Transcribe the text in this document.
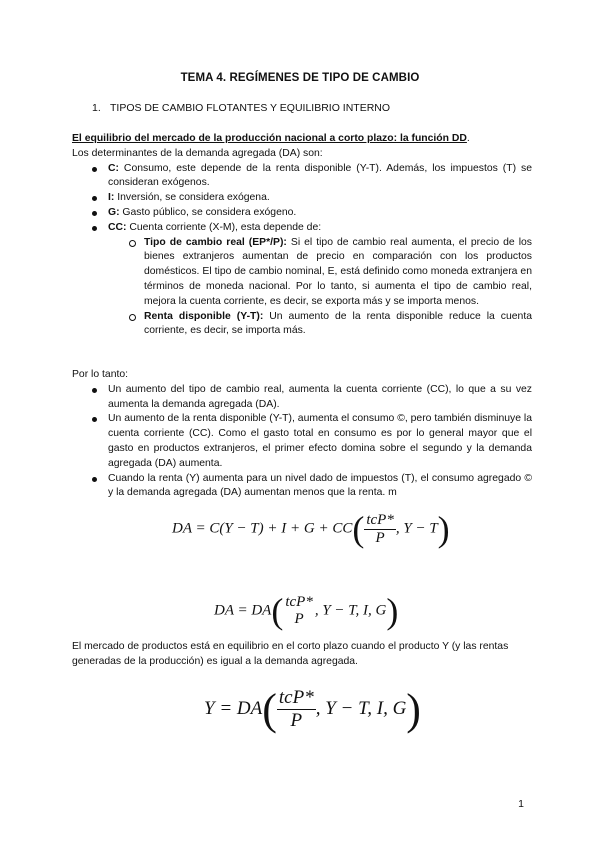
TEMA 4. REGÍMENES DE TIPO DE CAMBIO
1. TIPOS DE CAMBIO FLOTANTES Y EQUILIBRIO INTERNO
El equilibrio del mercado de la producción nacional a corto plazo: la función DD.
Los determinantes de la demanda agregada (DA) son:

C: Consumo, este depende de la renta disponible (Y-T). Además, los impuestos (T) se consideran exógenos.

I: Inversión, se considera exógena.

G: Gasto público, se considera exógeno.

CC: Cuenta corriente (X-M), esta depende de:

Tipo de cambio real (EP*/P): Si el tipo de cambio real aumenta, el precio de los bienes extranjeros aumentan de precio en comparación con los productos domésticos. El tipo de cambio nominal, E, está definido como moneda extranjera en términos de moneda nacional. Por lo tanto, si aumenta el tipo de cambio real, mejora la cuenta corriente, es decir, se exporta más y se importa menos.

Renta disponible (Y-T): Un aumento de la renta disponible reduce la cuenta corriente, es decir, se importa más.

Por lo tanto:

Un aumento del tipo de cambio real, aumenta la cuenta corriente (CC), lo que a su vez aumenta la demanda agregada (DA).

Un aumento de la renta disponible (Y-T), aumenta el consumo ©, pero también disminuye la cuenta corriente (CC). Como el gasto total en consumo es por lo general mayor que el gasto en productos extranjeros, el primer efecto domina sobre el segundo y la demanda agregada (DA) aumenta.

Cuando la renta (Y) aumenta para un nivel dado de impuestos (T), el consumo agregado © y la demanda agregada (DA) aumentan menos que la renta. m

DA = $C(Y - T) + I + G + CC( \frac{\text{tcP*}}{P}$ , Y − T)
DA = DA( tcP*
P
, Y − T, I, G)
El mercado de productos está en equilibrio en el corto plazo cuando el producto Y (y las rentas generadas de la producción) es igual a la demanda agregada.
$Y = DA( \frac{\text{tcP*}}{P}$ , Y − T, I, G)
1
